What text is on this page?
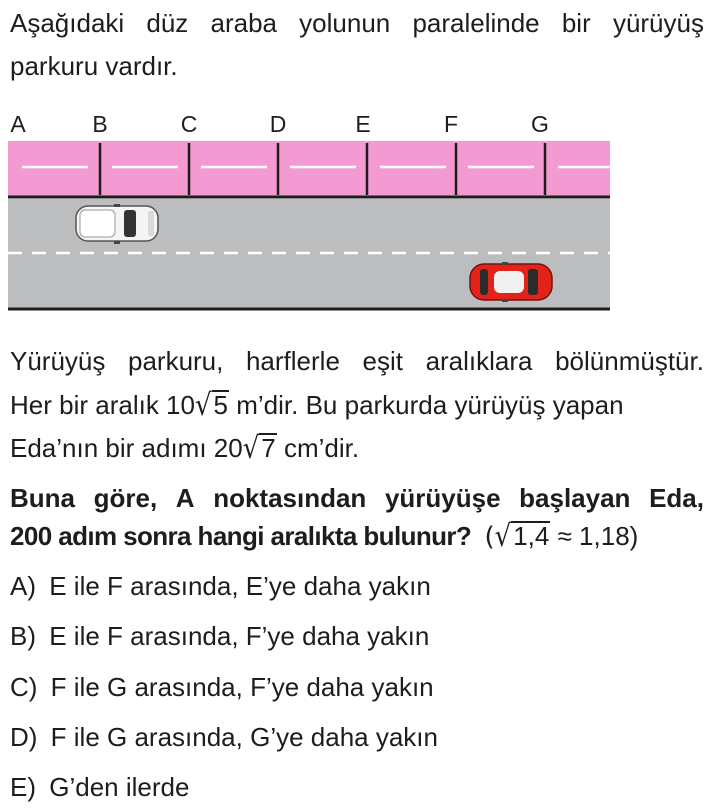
Aşağıdaki düz araba yolunun paralelinde bir yürüyüş
parkuru vardır.
A	B	C	D	E	F	G
Yürüyüş parkuru, harflerle eşit aralıklara bölünmüştür.
Her bir aralık 10√5 m’dir. Bu parkurda yürüyüş yapan
Eda’nın bir adımı 20√7 cm’dir.
Buna göre, A noktasından yürüyüşe başlayan Eda,
200 adım sonra hangi aralıkta bulunur? (√1,4 ≈ 1,18)
A) E ile F arasında, E’ye daha yakın
B) E ile F arasında, F’ye daha yakın
C) F ile G arasında, F’ye daha yakın
D) F ile G arasında, G’ye daha yakın
E) G’den ilerde
